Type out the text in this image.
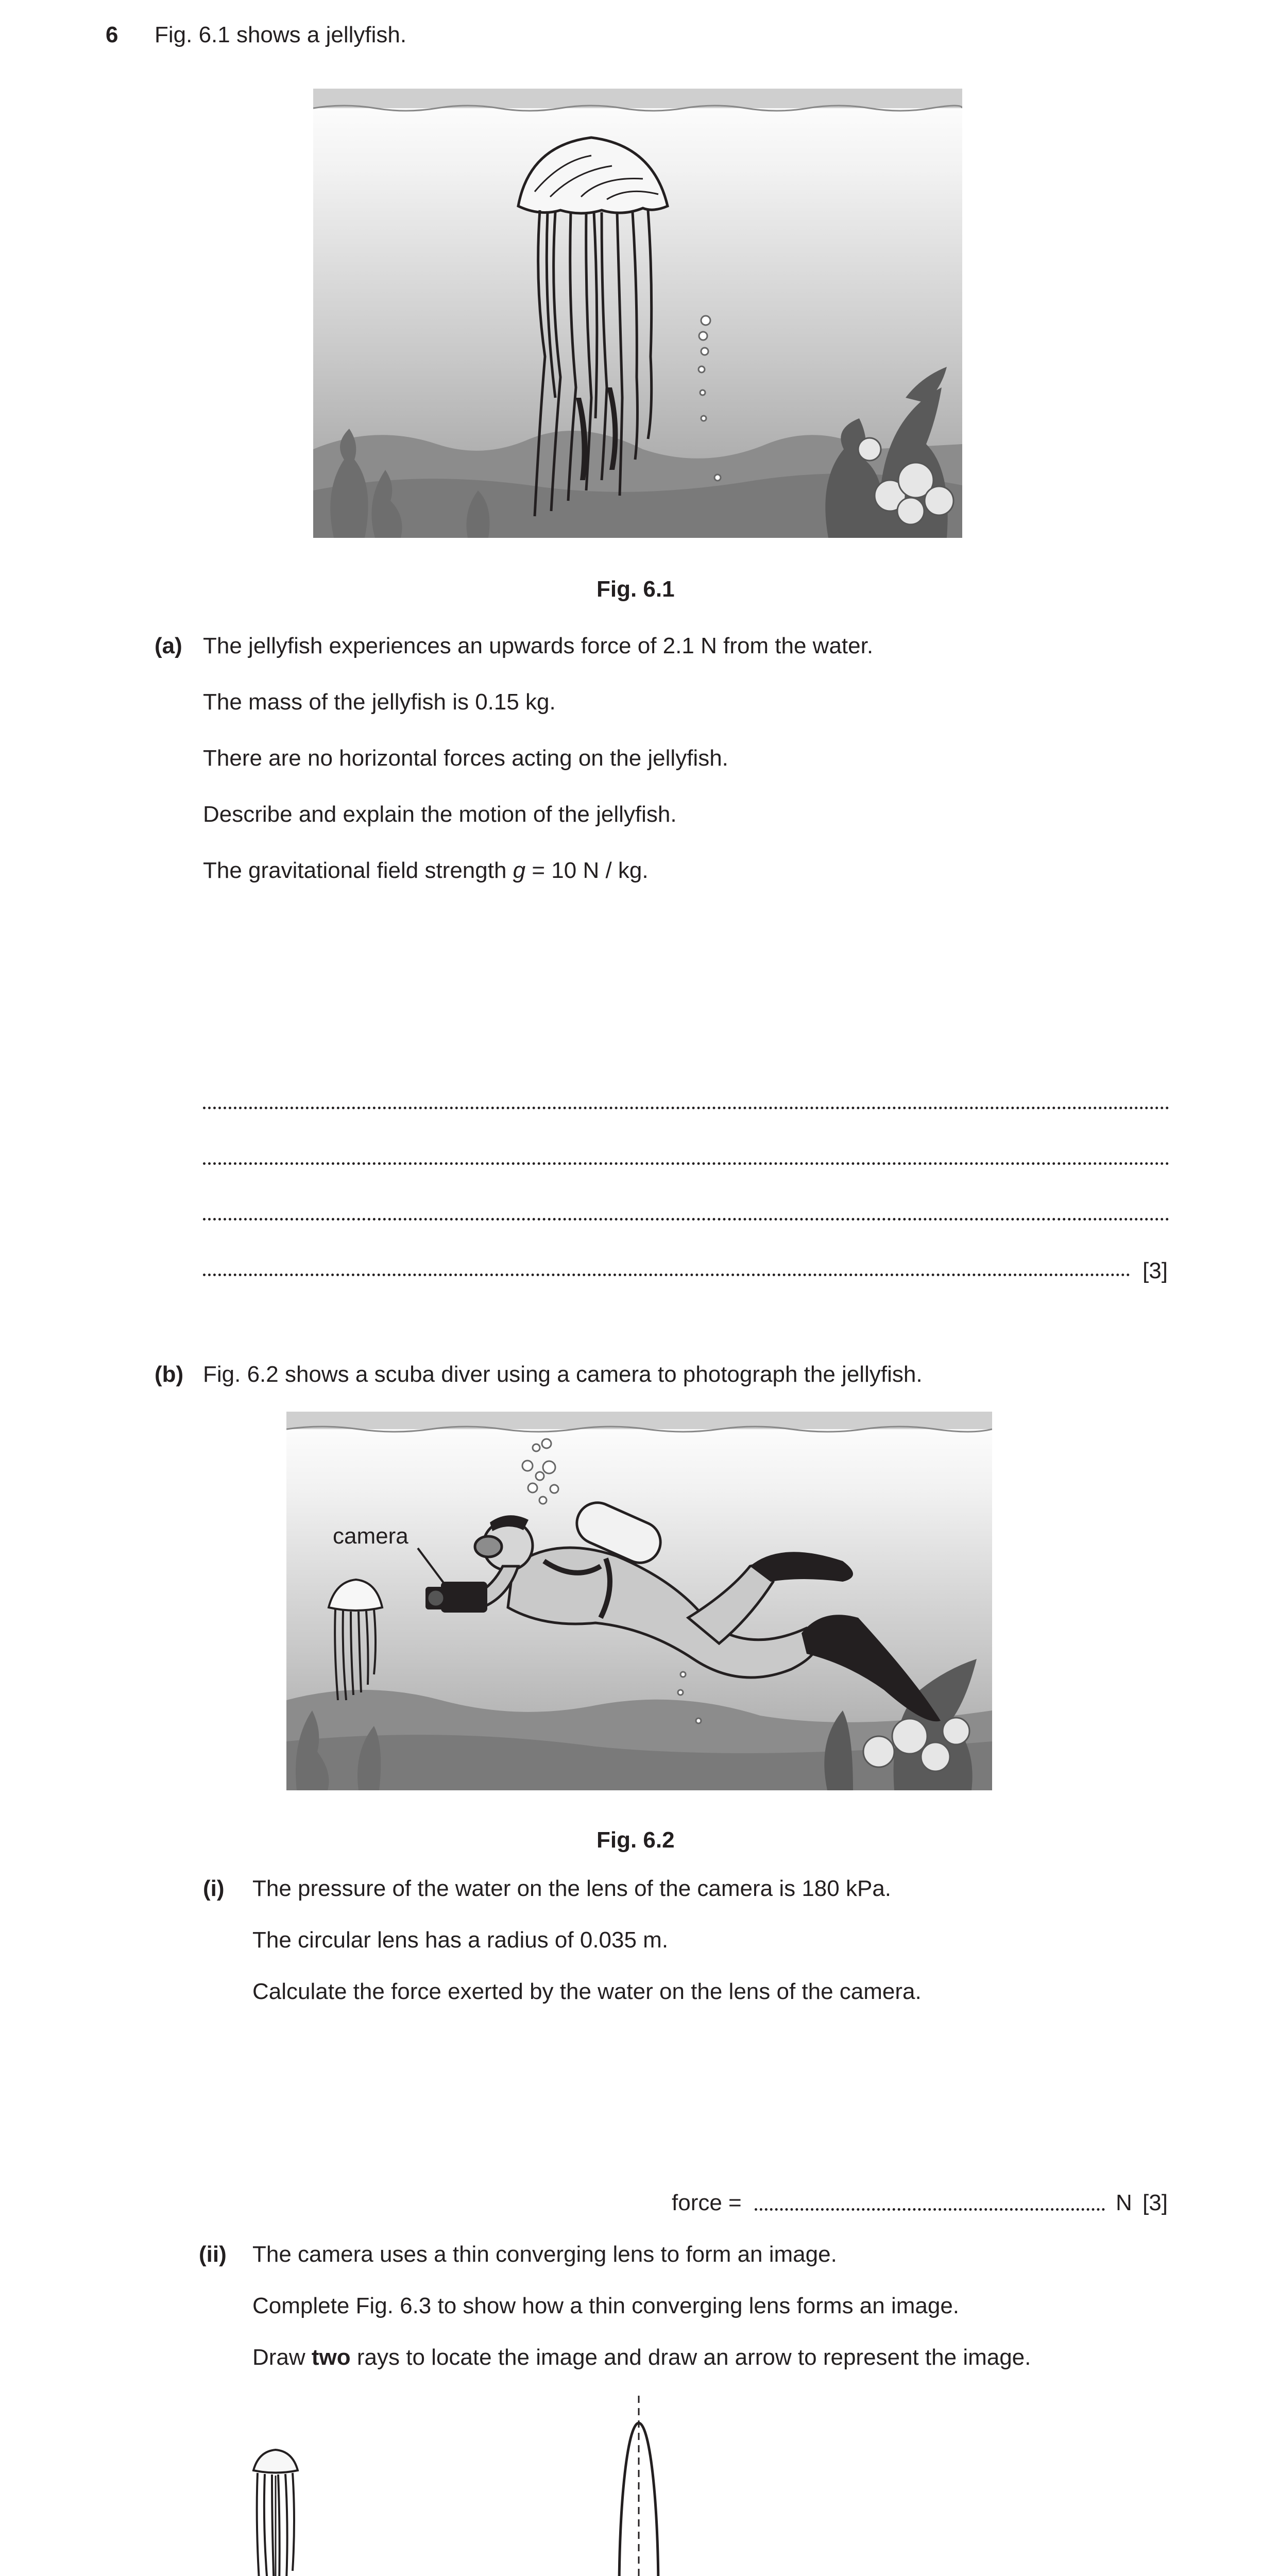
6 Fig. 6.1 shows a jellyfish.
Fig. 6.1
(a) The jellyfish experiences an upwards force of 2.1 N from the water.
The mass of the jellyfish is 0.15 kg.
There are no horizontal forces acting on the jellyfish.
Describe and explain the motion of the jellyfish.
The gravitational field strength g = 10 N / kg.
[3]
(b) Fig. 6.2 shows a scuba diver using a camera to photograph the jellyfish.
camera
Fig. 6.2
(i) The pressure of the water on the lens of the camera is 180 kPa.
The circular lens has a radius of 0.035 m.
Calculate the force exerted by the water on the lens of the camera.
force =	N [3]
(ii) The camera uses a thin converging lens to form an image.
Complete Fig. 6.3 to show how a thin converging lens forms an image.
Draw two rays to locate the image and draw an arrow to represent the image.
